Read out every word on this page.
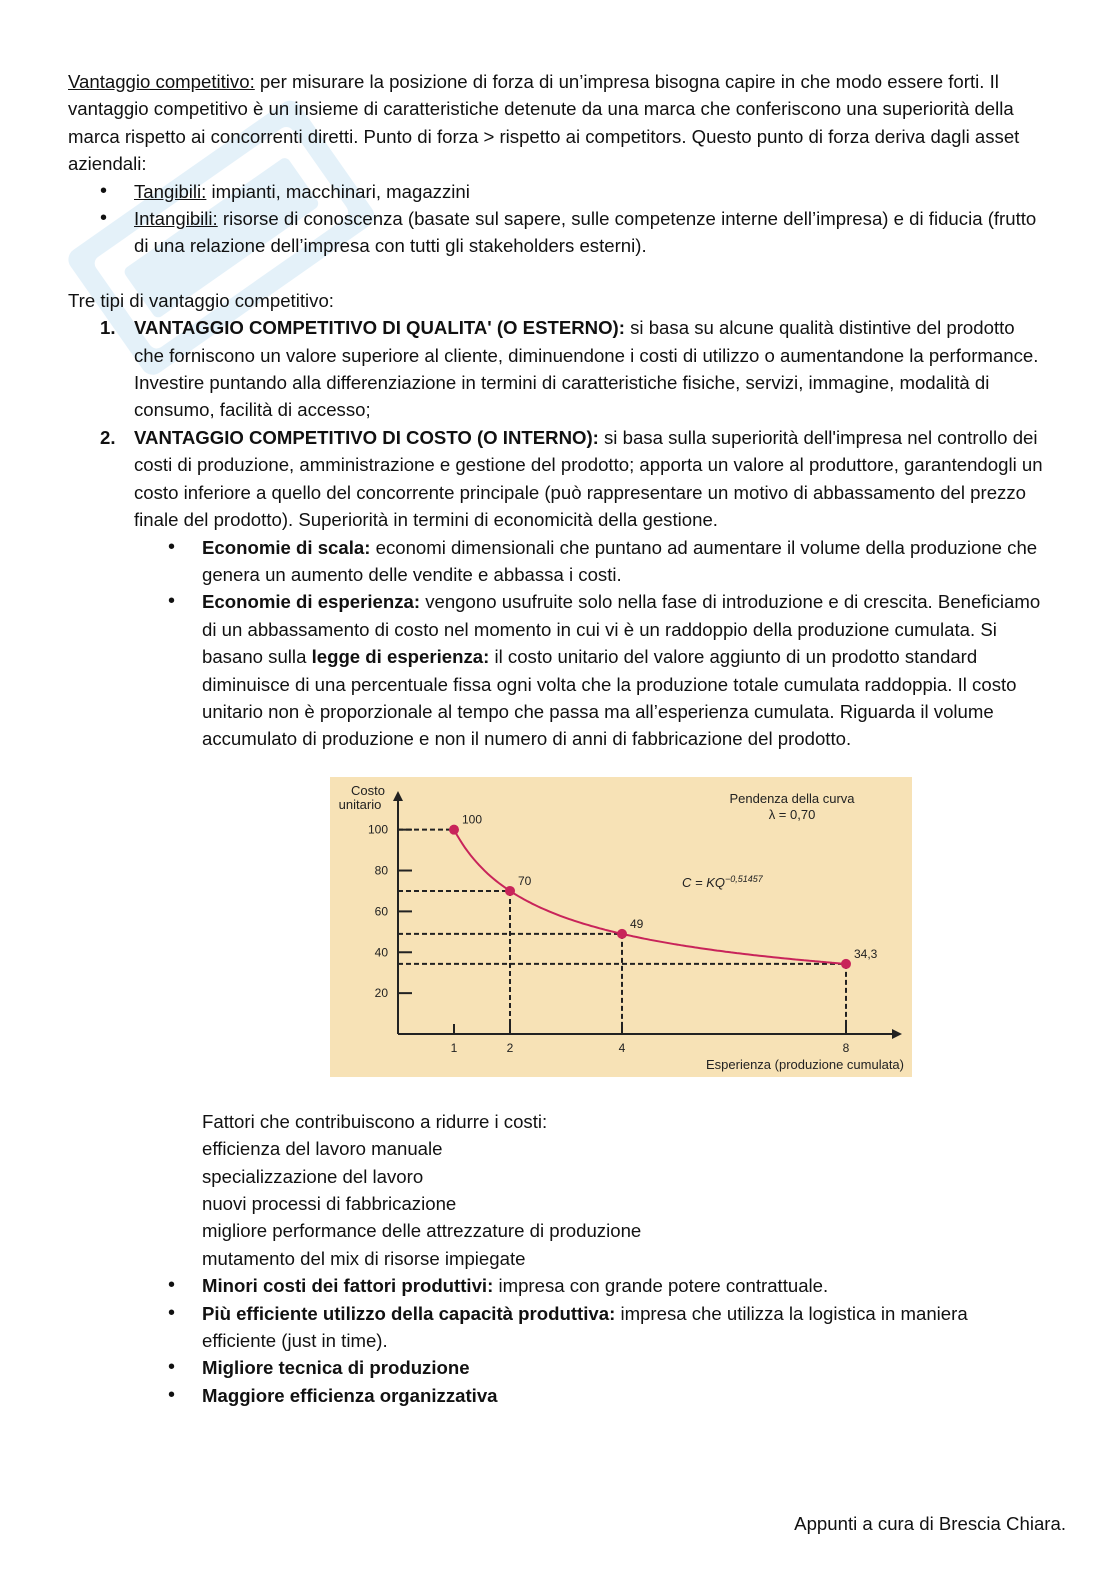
Vantaggio competitivo: per misurare la posizione di forza di un’impresa bisogna capire in che modo essere forti. Il vantaggio competitivo è un insieme di caratteristiche detenute da una marca che conferiscono una superiorità della marca rispetto ai concorrenti diretti. Punto di forza > rispetto ai competitors. Questo punto di forza deriva dagli asset aziendali:

• Tangibili: impianti, macchinari, magazzini
• Intangibili: risorse di conoscenza (basate sul sapere, sulle competenze interne dell’impresa) e di fiducia (frutto di una relazione dell’impresa con tutti gli stakeholders esterni).

Tre tipi di vantaggio competitivo:

1. VANTAGGIO COMPETITIVO DI QUALITA' (O ESTERNO): si basa su alcune qualità distintive del prodotto che forniscono un valore superiore al cliente, diminuendone i costi di utilizzo o aumentandone la performance. Investire puntando alla differenziazione in termini di caratteristiche fisiche, servizi, immagine, modalità di consumo, facilità di accesso;
2. VANTAGGIO COMPETITIVO DI COSTO (O INTERNO): si basa sulla superiorità dell'impresa nel controllo dei costi di produzione, amministrazione e gestione del prodotto; apporta un valore al produttore, garantendogli un costo inferiore a quello del concorrente principale (può rappresentare un motivo di abbassamento del prezzo finale del prodotto). Superiorità in termini di economicità della gestione.
• Economie di scala: economi dimensionali che puntano ad aumentare il volume della produzione che genera un aumento delle vendite e abbassa i costi.
• Economie di esperienza: vengono usufruite solo nella fase di introduzione e di crescita. Beneficiamo di un abbassamento di costo nel momento in cui vi è un raddoppio della produzione cumulata. Si basano sulla legge di esperienza: il costo unitario del valore aggiunto di un prodotto standard diminuisce di una percentuale fissa ogni volta che la produzione totale cumulata raddoppia. Il costo unitario non è proporzionale al tempo che passa ma all’esperienza cumulata. Riguarda il volume accumulato di produzione e non il numero di anni di fabbricazione del prodotto.
Costo
unitario	Pendenza della curva
λ = 0,70
$C = KQ^{-0,51457}$
Esperienza (produzione cumulata)
20
40
60
80
100
1	2	4	8
100
70
49
34,3

Fattori che contribuiscono a ridurre i costi:

efficienza del lavoro manuale

specializzazione del lavoro

nuovi processi di fabbricazione

migliore performance delle attrezzature di produzione

mutamento del mix di risorse impiegate

• Minori costi dei fattori produttivi: impresa con grande potere contrattuale.
• Più efficiente utilizzo della capacità produttiva: impresa che utilizza la logistica in maniera efficiente (just in time).
• Migliore tecnica di produzione
• Maggiore efficienza organizzativa
Appunti a cura di Brescia Chiara.
